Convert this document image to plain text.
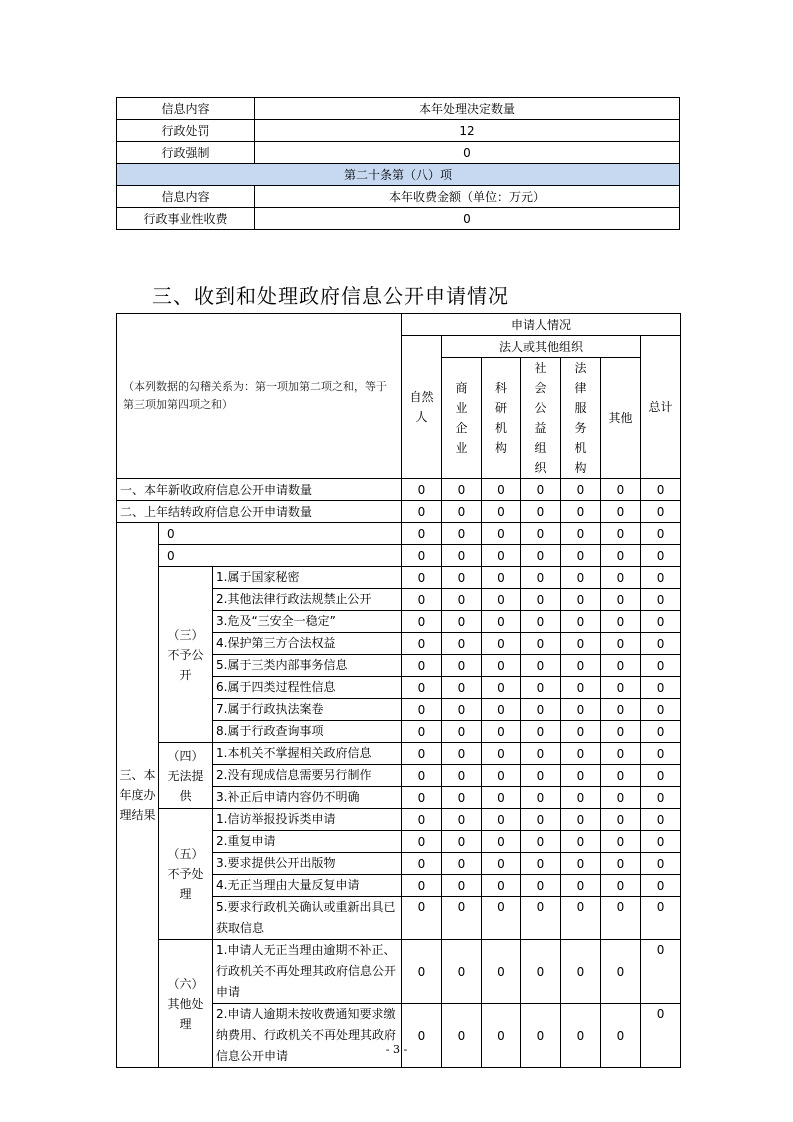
信息内容	本年处理决定数量
行政处罚	12
行政强制	0
第二十条第（八）项	
信息内容	本年收费金额（单位：万元）
行政事业性收费	0
三、收到和处理政府信息公开申请情况
（本列数据的勾稽关系为：第一项加第二项之和，等于第三项加第四项之和）			申请人情况						
			自然人	法人或其他组织					总计
				商业企业	科研机构	社会公益组织	法律服务机构	其他	
一、本年新收政府信息公开申请数量			0	0	0	0	0	0	0
二、上年结转政府信息公开申请数量			0	0	0	0	0	0	0
三、本年度办理结果	0		0	0	0	0	0	0	0
	0		0	0	0	0	0	0	0
	（三）不予公开	1.属于国家秘密	0	0	0	0	0	0	0
		2.其他法律行政法规禁止公开	0	0	0	0	0	0	0
		3.危及“三安全一稳定”	0	0	0	0	0	0	0
		4.保护第三方合法权益	0	0	0	0	0	0	0
		5.属于三类内部事务信息	0	0	0	0	0	0	0
		6.属于四类过程性信息	0	0	0	0	0	0	0
		7.属于行政执法案卷	0	0	0	0	0	0	0
		8.属于行政查询事项	0	0	0	0	0	0	0
	（四）无法提供	1.本机关不掌握相关政府信息	0	0	0	0	0	0	0
		2.没有现成信息需要另行制作	0	0	0	0	0	0	0
		3.补正后申请内容仍不明确	0	0	0	0	0	0	0
	（五）不予处理	1.信访举报投诉类申请	0	0	0	0	0	0	0
		2.重复申请	0	0	0	0	0	0	0
		3.要求提供公开出版物	0	0	0	0	0	0	0
		4.无正当理由大量反复申请	0	0	0	0	0	0	0
		5.要求行政机关确认或重新出具已获取信息	0	0	0	0	0	0	0
	（六）其他处理	1.申请人无正当理由逾期不补正、行政机关不再处理其政府信息公开申请	0	0	0	0	0	0	0
		2.申请人逾期未按收费通知要求缴纳费用、行政机关不再处理其政府信息公开申请	0	0	0	0	0	0	0
- 3 -
